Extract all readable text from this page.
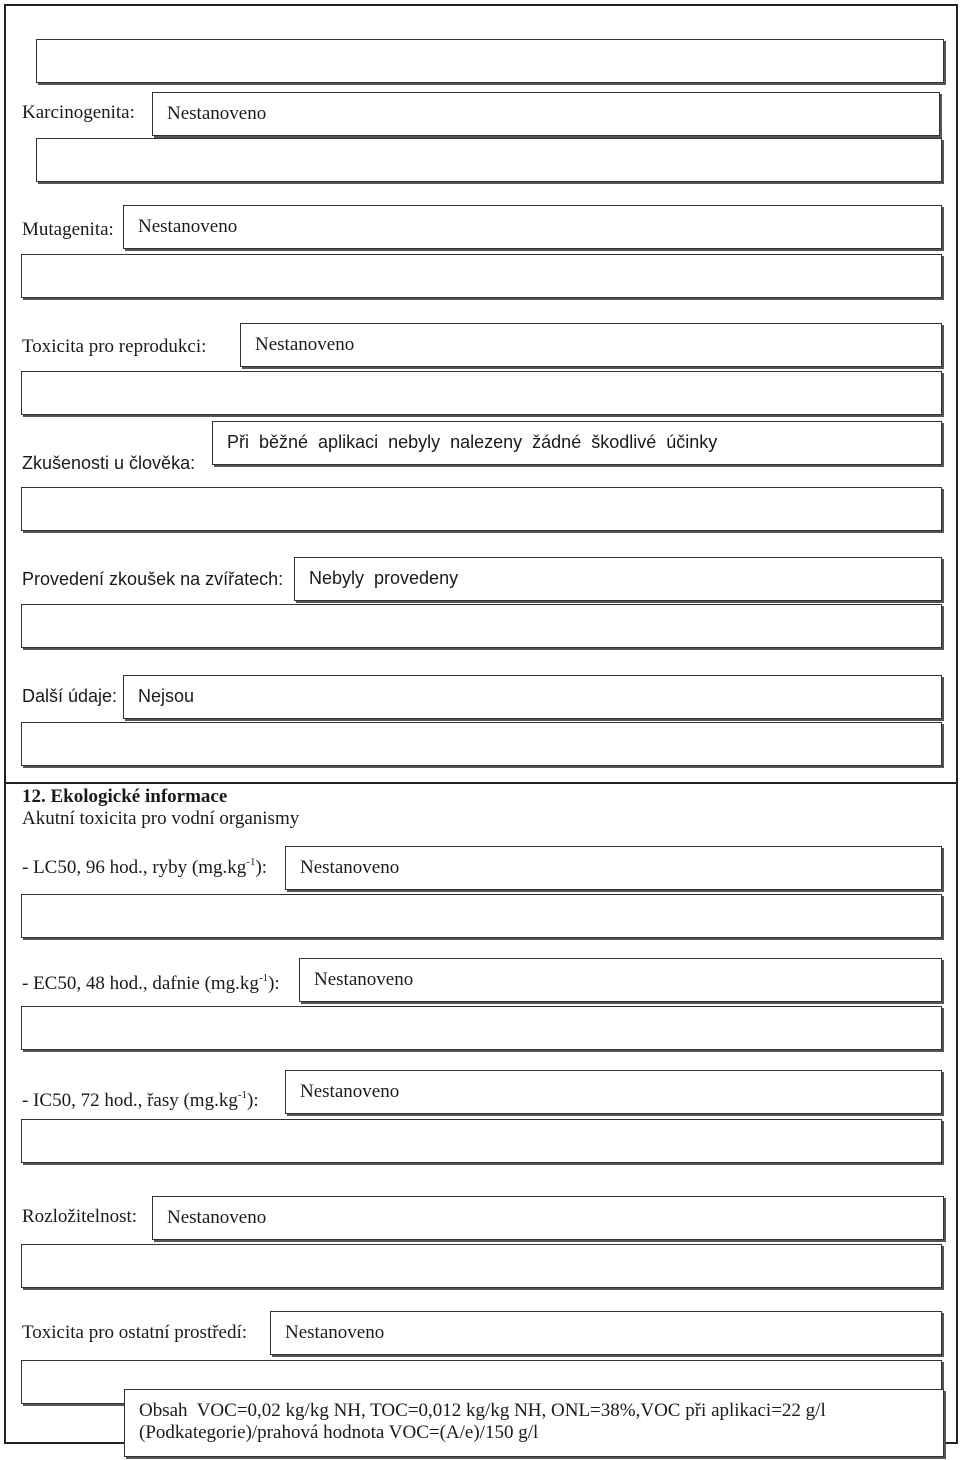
Karcinogenita:	Nestanoveno
Mutagenita:	Nestanoveno
Toxicita pro reprodukci:	Nestanoveno
Zkušenosti u člověka:
Při  běžné  aplikaci  nebyly  nalezeny  žádné  škodlivé  účinky
Provedení zkoušek na zvířatech:	Nebyly  provedeny
Další údaje:	Nejsou
12. Ekologické informace
Akutní toxicita pro vodní organismy
- LC50, 96 hod., ryby $(mg.kg^{-1})$:	Nestanoveno
- EC50, 48 hod., dafnie $(mg.kg^{-1})$:	Nestanoveno
- IC50, 72 hod., řasy $(mg.kg^{-1})$:	Nestanoveno
Rozložitelnost:	Nestanoveno
Toxicita pro ostatní prostředí:	Nestanoveno
Obsah  VOC=0,02 kg/kg NH, TOC=0,012 kg/kg NH, ONL=38%,VOC při aplikaci=22 g/l
(Podkategorie)/prahová hodnota VOC=(A/e)/150 g/l
